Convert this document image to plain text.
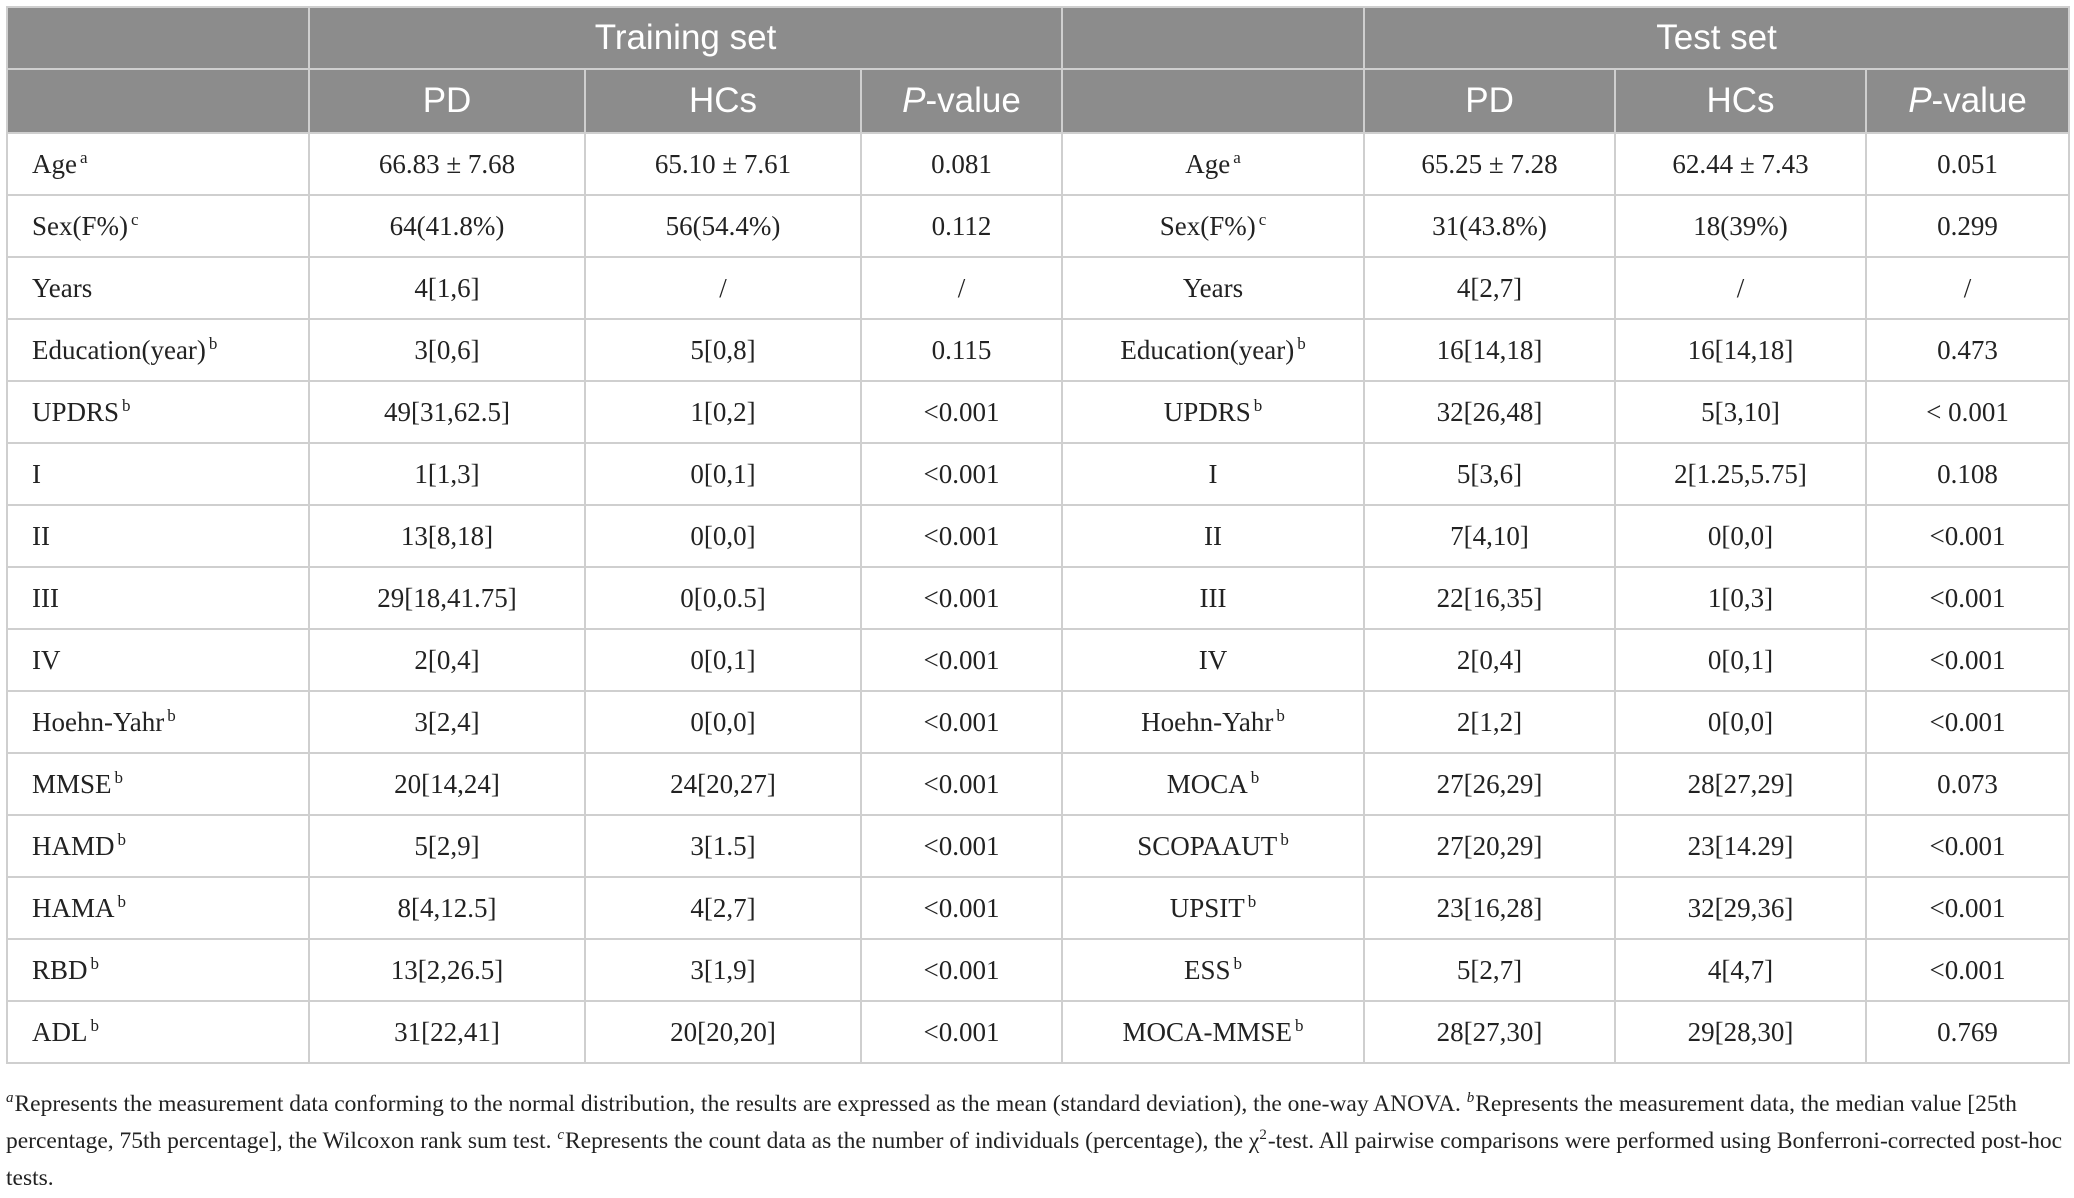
	Training set				Test set		
	PD	HCs	P-value		PD	HCs	P-value
Age $^a$	66.83 ± 7.68	65.10 ± 7.61	0.081	Age $^a$	65.25 ± 7.28	62.44 ± 7.43	0.051
Sex(F%) $^c$	64(41.8%)	56(54.4%)	0.112	Sex(F%) $^c$	31(43.8%)	18(39%)	0.299
Years	4[1,6]	/	/	Years	4[2,7]	/	/
Education(year) $^b$	3[0,6]	5[0,8]	0.115	Education(year) $^b$	16[14,18]	16[14,18]	0.473
UPDRS $^b$	49[31,62.5]	1[0,2]	<0.001	UPDRS $^b$	32[26,48]	5[3,10]	< 0.001
I	1[1,3]	0[0,1]	<0.001	I	5[3,6]	2[1.25,5.75]	0.108
II	13[8,18]	0[0,0]	<0.001	II	7[4,10]	0[0,0]	<0.001
III	29[18,41.75]	0[0,0.5]	<0.001	III	22[16,35]	1[0,3]	<0.001
IV	2[0,4]	0[0,1]	<0.001	IV	2[0,4]	0[0,1]	<0.001
Hoehn-Yahr $^b$	3[2,4]	0[0,0]	<0.001	Hoehn-Yahr $^b$	2[1,2]	0[0,0]	<0.001
MMSE $^b$	20[14,24]	24[20,27]	<0.001	MOCA $^b$	27[26,29]	28[27,29]	0.073
HAMD $^b$	5[2,9]	3[1.5]	<0.001	SCOPAAUT $^b$	27[20,29]	23[14.29]	<0.001
HAMA $^b$	8[4,12.5]	4[2,7]	<0.001	UPSIT $^b$	23[16,28]	32[29,36]	<0.001
RBD $^b$	13[2,26.5]	3[1,9]	<0.001	ESS $^b$	5[2,7]	4[4,7]	<0.001
ADL $^b$	31[22,41]	20[20,20]	<0.001	MOCA-MMSE $^b$	28[27,30]	29[28,30]	0.769
$^a$Represents the measurement data conforming to the normal distribution, the results are expressed as the mean (standard deviation), the one-way ANOVA. $^b$Represents the measurement data, the median value [25th percentage, 75th percentage], the Wilcoxon rank sum test. $^c$Represents the count data as the number of individuals (percentage), the $\chi^2$-test. All pairwise comparisons were performed using Bonferroni-corrected post-hoc tests.
